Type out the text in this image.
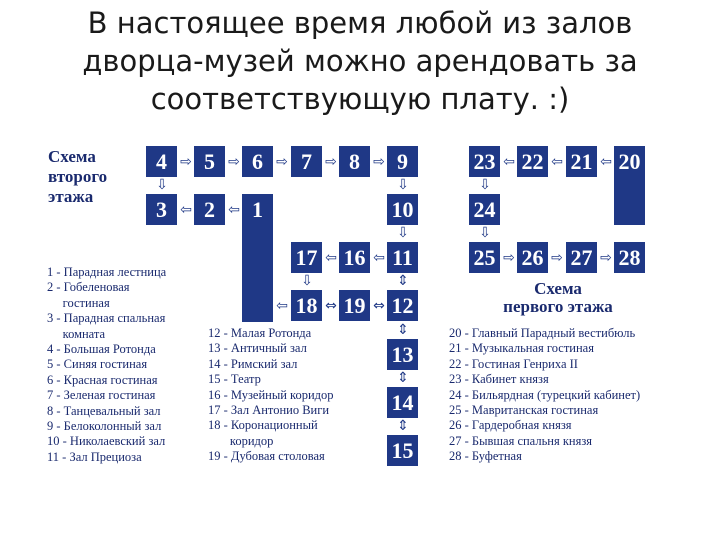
В настоящее время любой из залов
дворца-музей можно арендовать за
соответствующую плату. :)
Схема
второго
этажа
4	5	6	7	8	9
3	2	1	10
17 16 11
18 19 12
13
14
15
⇨	⇨	⇨	⇨	⇨
⇩	⇩
⇦	⇦
⇩
⇦	⇦
⇩	⇕
⇦	⇔	⇔
⇕
⇕
⇕
23 22 21 20
24
25 26 27 28
⇦	⇦	⇦
⇩
⇩
⇨	⇨	⇨
Схема
первого этажа
1 - Парадная лестница
2 - Гобеленовая
гостиная
3 - Парадная спальная
комната
4 - Большая Ротонда
5 - Синяя гостиная
6 - Красная гостиная
7 - Зеленая гостиная
8 - Танцевальный зал
9 - Белоколонный зал
10 - Николаевский зал
11 - Зал Прециоза
12 - Малая Ротонда
13 - Античный зал
14 - Римский зал
15 - Театр
16 - Музейный коридор
17 - Зал Антонио Виги
18 - Коронационный
коридор
19 - Дубовая столовая
20 - Главный Парадный вестибюль
21 - Музыкальная гостиная
22 - Гостиная Генриха II
23 - Кабинет князя
24 - Бильярдная (турецкий кабинет)
25 - Мавританская гостиная
26 - Гардеробная князя
27 - Бывшая спальня князя
28 - Буфетная
